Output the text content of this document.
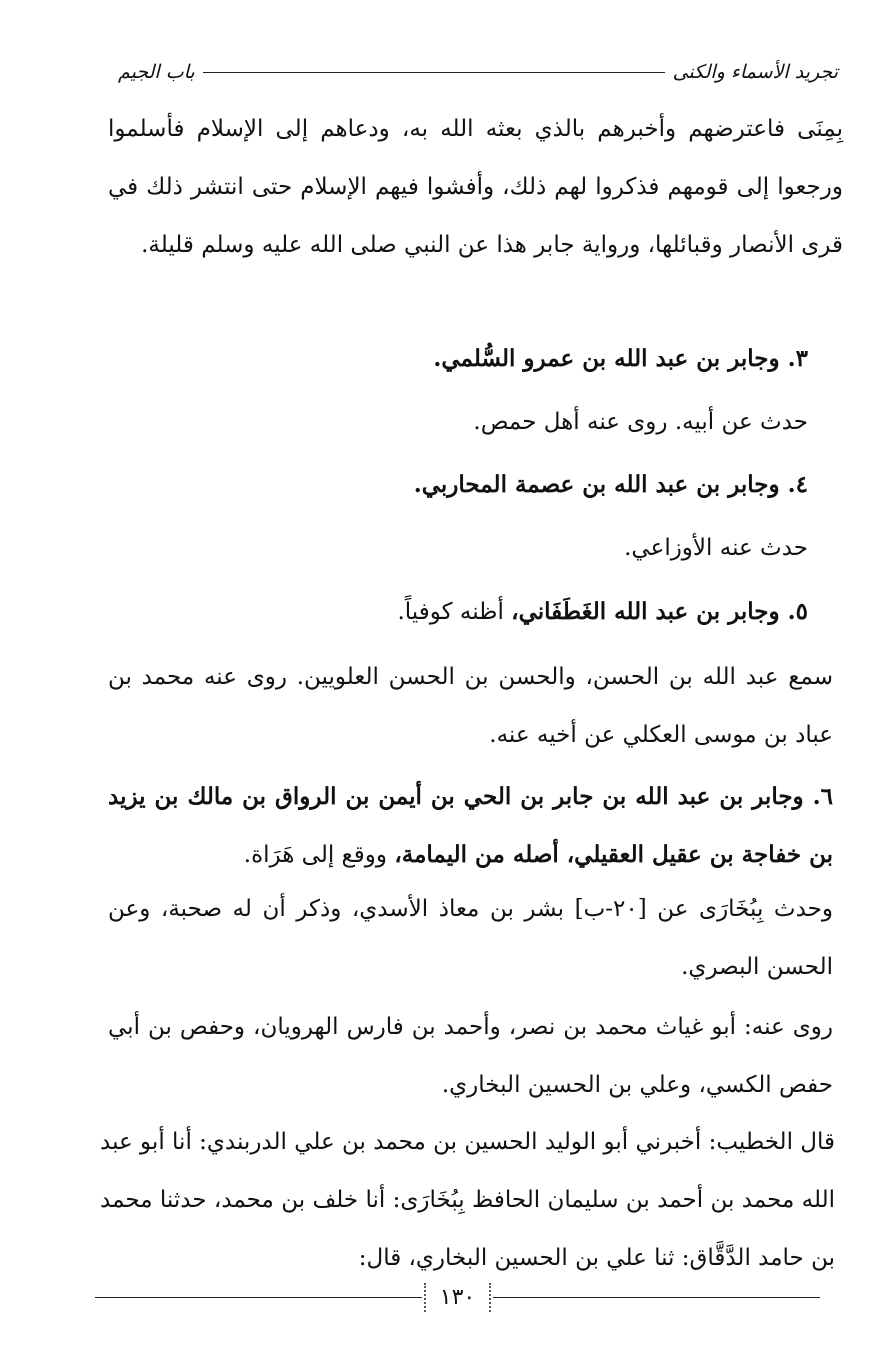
تجريد الأسماء والكنى
باب الجيم
بِمِنَى فاعترضهم وأخبرهم بالذي بعثه الله به، ودعاهم إلى الإسلام فأسلموا ورجعوا إلى قومهم فذكروا لهم ذلك، وأفشوا فيهم الإسلام حتى انتشر ذلك في قرى الأنصار وقبائلها، ورواية جابر هذا عن النبي صلى الله عليه وسلم قليلة.
٣. وجابر بن عبد الله بن عمرو السُّلمي.
حدث عن أبيه. روى عنه أهل حمص.
٤. وجابر بن عبد الله بن عصمة المحاربي.
حدث عنه الأوزاعي.
٥. وجابر بن عبد الله الغَطَفَاني، أظنه كوفياً.
سمع عبد الله بن الحسن، والحسن بن الحسن العلويين. روى عنه محمد بن عباد بن موسى العكلي عن أخيه عنه.
٦. وجابر بن عبد الله بن جابر بن الحي بن أيمن بن الرواق بن مالك بن يزيد بن خفاجة بن عقيل العقيلي، أصله من اليمامة، ووقع إلى هَرَاة.
وحدث بِبُخَارَى عن [٢٠-ب] بشر بن معاذ الأسدي، وذكر أن له صحبة، وعن الحسن البصري.
روى عنه: أبو غياث محمد بن نصر، وأحمد بن فارس الهرويان، وحفص بن أبي حفص الكسي، وعلي بن الحسين البخاري.
قال الخطيب: أخبرني أبو الوليد الحسين بن محمد بن علي الدربندي: أنا أبو عبد الله محمد بن أحمد بن سليمان الحافظ بِبُخَارَى: أنا خلف بن محمد، حدثنا محمد بن حامد الدَّقَّاق: ثنا علي بن الحسين البخاري، قال:
١٣٠
